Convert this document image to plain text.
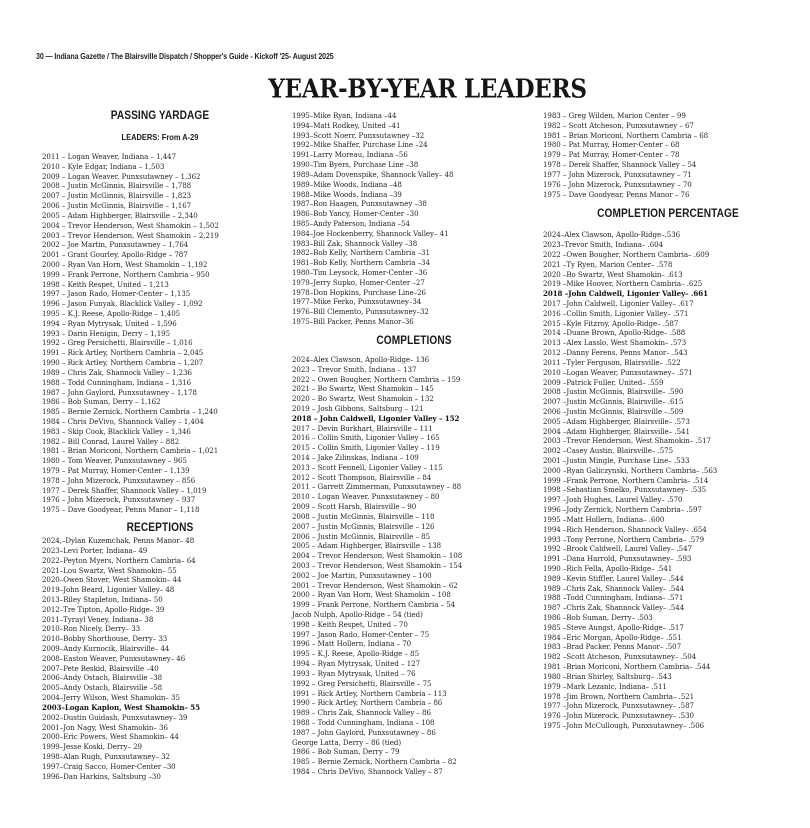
30 — Indiana Gazette / The Blairsville Dispatch / Shopper's Guide - Kickoff '25- August 2025
YEAR-BY-YEAR LEADERS
PASSING YARDAGE
LEADERS: From A-29
2011 – Logan Weaver, Indiana – 1,447
2010 – Kyle Edgar, Indiana – 1,503
2009 – Logan Weaver, Punxsutawney – 1,362
2008 – Justin McGinnis, Blairsville – 1,788
2007 – Justin McGinnis, Blairsville – 1,823
2006 – Justin McGinnis, Blairsville – 1,167
2005 – Adam Highberger, Blairsville – 2,340
2004 – Trevor Henderson, West Shamokin – 1,502
2003 – Trevor Henderson, West Shamokin – 2,219
2002 – Joe Martin, Punxsutawney – 1,764
2001 – Grant Gourley, Apollo-Ridge – 787
2000 – Ryan Van Horn, West Shamokin – 1,192
1999 – Frank Perrone, Northern Cambria – 950
1998 – Keith Respet, United – 1,213
1997 – Jason Rado, Homer-Center – 1,135
1996 – Jason Funyak, Blacklick Valley – 1,092
1995 – K.J. Reese, Apollo-Ridge – 1,405
1994 – Ryan Mytrysak, United – 1,596
1993 – Darin Henigin, Derry – 1,195
1992 – Greg Persichetti, Blairsville – 1,016
1991 – Rick Artley, Northern Cambria – 2,045
1990 – Rick Artley, Northern Cambria – 1,207
1989 – Chris Zak, Shannock Valley – 1,236
1988 – Todd Cunningham, Indiana – 1,316
1987 – John Gaylord, Punxsutawney – 1,178
1986 – Bob Suman, Derry – 1,162
1985 – Bernie Zernick, Northern Cambria – 1,240
1984 – Chris DeVivo, Shannock Valley – 1,404
1983 – Skip Cook, Blacklick Valley – 1,346
1982 – Bill Conrad, Laurel Valley – 882
1981 – Brian Moriconi, Northern Cambria – 1,021
1980 – Tom Weaver, Punxsutawney – 965
1979 – Pat Murray, Homer-Center – 1,139
1978 – John Mizerock, Punxsutawney – 856
1977 – Derek Shaffer, Shannock Valley – 1,019
1976 – John Mizerock, Punxsutawney – 937
1975 – Dave Goodyear, Penns Manor – 1,118
RECEPTIONS
2024,–Dylan Kuzemchak, Penns Manor– 48
2023–Levi Porter, Indiana– 49
2022–Peyton Myers, Northern Cambria– 64
2021–Lou Swartz, West Shamokin– 55
2020–Owen Stover, West Shamokin– 44
2019–John Beard, Ligonier Valley– 48
2013–Riley Stapleton, Indiana– 50
2012–Tre Tipton, Apollo-Ridge– 39
2011–Tyrayl Veney, Indiana– 38
2010–Ron Nicely, Derry– 33
2010–Bobby Shorthouse, Derry– 33
2009–Andy Kurnocik, Blairsville– 44
2008–Easton Weaver, Punxsutawney– 46
2007–Pete Beskid, Blairsville –40
2006–Andy Ostach, Blairsville –38
2005–Andy Ostach, Blairsville –58
2004–Jerry Wilson, West Shamokin– 35
2003–Logan Kaplon, West Shamokin– 55
2002–Dustin Guidash, Punxsutawney– 39
2001–Jon Nagy, West Shamokin– 36
2000–Eric Powers, West Shamokin– 44
1999–Jesse Koski, Derry– 29
1998–Alan Rugh, Punxsutawney– 32
1997–Craig Sacco, Homer-Center –30
1996–Dan Harkins, Saltsburg –30
1995–Mike Ryan, Indiana –44
1994–Matt Rodkey, United –41
1993–Scott Noerr, Punxsutawney –32
1992–Mike Shaffer, Purchase Line –24
1991–Larry Moreau, Indiana –56
1990–Tim Byers, Purchase Line –38
1989–Adam Dovenspike, Shannock Valley– 48
1989–Mike Woods, Indiana –48
1988–Mike Woods, Indiana –39
1987–Ron Haagen, Punxsutawney –38
1986–Bob Yancy, Homer-Center –30
1985–Andy Paterson, Indiana –54
1984–Joe Hockenberry, Shannock Valley– 41
1983–Bill Zak, Shannock Valley –38
1982–Bob Kelly, Northern Cambria –31
1981–Bob Kelly, Northern Cambria –34
1980–Tim Leysock, Homer-Center –36
1979–Jerry Supko, Homer-Center –27
1978–Don Hopkins, Purchase Line–26
1977–Mike Ferko, Punxsutawney–34
1976–Bill Clemento, Punxsutawney–32
1975–Bill Packer, Penns Manor–36
COMPLETIONS
2024–Alex Clawson, Apollo-Ridge– 136
2023 – Trevor Smith, Indiana – 137
2022 – Owen Bougher, Northern Cambria – 159
2021 – Bo Swartz, West Shamokin – 145
2020 – Bo Swartz, West Shamokin – 132
2019 – Josh Gibbons, Saltsburg – 121
2018 – John Caldwell, Ligonier Valley – 152
2017 – Devin Burkhart, Blairsville – 111
2016 – Collin Smith, Ligonier Valley – 165
2015 – Collin Smith, Ligonier Valley – 119
2014 – Jake Zilinskas, Indiana – 109
2013 – Scott Fennell, Ligonier Valley – 115
2012 – Scott Thompson, Blairsville – 84
2011 – Garrett Zimmerman, Punxsutawney – 88
2010 – Logan Weaver, Punxsutawney – 80
2009 – Scott Harsh, Blairsville – 90
2008 – Justin McGinnis, Blairsville – 118
2007 – Justin McGinnis, Blairsville – 126
2006 – Justin McGinnis, Blairsville – 85
2005 – Adam Highberger, Blairsville – 138
2004 – Trevor Henderson, West Shamokin – 108
2003 – Trevor Henderson, West Shamokin – 154
2002 – Joe Martin, Punxsutawney – 100
2001 – Trevor Henderson, West Shamokin – 62
2000 – Ryan Van Horn, West Shamokin – 108
1999 – Frank Perrone, Northern Cambria – 54
Jacob Nulph, Apollo-Ridge – 54 (tied)
1998 – Keith Respet, United – 70
1997 – Jason Rado, Homer-Center – 75
1996 – Matt Hollern, Indiana – 70
1995 – K.J. Reese, Apollo-Ridge – 85
1994 – Ryan Mytrysak, United – 127
1993 – Ryan Mytrysak, United – 76
1992 – Greg Persichetti, Blairsville – 75
1991 – Rick Artley, Northern Cambria – 113
1990 – Rick Artley, Northern Cambria – 86
1989 – Chris Zak, Shannock Valley – 86
1988 – Todd Cunningham, Indiana – 108
1987 – John Gaylord, Punxsutawney – 86
George Latta, Derry – 86 (tied)
1986 – Bob Suman, Derry – 79
1985 – Bernie Zernick, Northern Cambria – 82
1984 – Chris DeVivo, Shannock Valley – 87
1983 – Greg Wilden, Marion Center – 99
1982 – Scott Atcheson, Punxsutawney – 67
1981 – Brian Moriconi, Northern Cambria – 68
1980 – Pat Murray, Homer-Center – 68
1979 – Pat Murray, Homer-Center – 78
1978 – Derek Shaffer, Shannock Valley – 54
1977 – John Mizerock, Punxsutawney – 71
1976 – John Mizerock, Punxsutawney – 70
1975 – Dave Goodyear, Penns Manor – 76
COMPLETION PERCENTAGE
2024–Alex Clawson, Apollo-Ridge–.536
2023–Trevor Smith, Indiana– .604
2022 –Owen Bougher, Northern Cambria– .609
2021 –Ty Ryen, Marion Center– .578
2020 –Bo Swartz, West Shamokin– .613
2019 –Mike Hoover, Northern Cambria– .625
2018 –John Caldwell, Ligonier Valley– .661
2017 –John Caldwell, Ligonier Valley– .617
2016 –Collin Smith, Ligonier Valley– .571
2015 –Kyle Fitzroy, Apollo-Ridge– .587
2014 –Duane Brown, Apollo-Ridge– .588
2013 –Alex Lasslo, West Shamokin– .573
2012 –Danny Ferens, Penns Manor– .543
2011 –Tyler Ferguson, Blairsville– .522
2010 –Logan Weaver, Punxsutawney– .571
2009 –Patrick Fuller, United– .559
2008 –Justin McGinnis, Blairsville– .590
2007 –Justin McGinnis, Blairsville– .615
2006 –Justin McGinnis, Blairsville –.509
2005 –Adam Highberger, Blairsville– .573
2004 –Adam Highberger, Blairsville– .541
2003 –Trevor Henderson, West Shamokin– .517
2002 –Casey Austin, Blairsville– .575
2001 –Justin Mingle, Purchase Line– .533
2000 –Ryan Galiczynski, Northern Cambria– .563
1999 –Frank Perrone, Northern Cambria– .514
1998 –Sebastian Smelko, Punxsutawney– .535
1997 –Josh Hughes, Laurel Valley– .570
1996 –Jody Zernick, Northern Cambria– .597
1995 –Matt Hollern, Indiana– .600
1994 –Rich Henderson, Shannock Valley– .654
1993 –Tony Perrone, Northern Cambria– .579
1992 –Brook Caldwell, Laurel Valley– .547
1991 –Dana Harrold, Punxsutawney– .593
1990 –Rich Fella, Apollo-Ridge– .541
1989 –Kevin Stiffler, Laurel Valley– .544
1989 –Chris Zak, Shannock Valley– .544
1988 –Todd Cunningham, Indiana– .571
1987 –Chris Zak, Shannock Valley– .544
1986 –Bob Suman, Derry– .503
1985 –Steve Aungst, Apollo-Ridge– .517
1984 –Eric Morgan, Apollo-Ridge– .551
1983 –Brad Packer, Penns Manor– .507
1982 –Scott Atcheson, Punxsutawney– .504
1981 –Brian Moriconi, Northern Cambria– .544
1980 –Brian Shirley, Saltsburg– .543
1979 –Mark Lezanic, Indiana– .511
1978 –Jim Brown, Northern Cambria– .521
1977 –John Mizerock, Punxsutawney– .587
1976 –John Mizerock, Punxsutawney– .530
1975 –John McCullough, Punxsutawney– .506
